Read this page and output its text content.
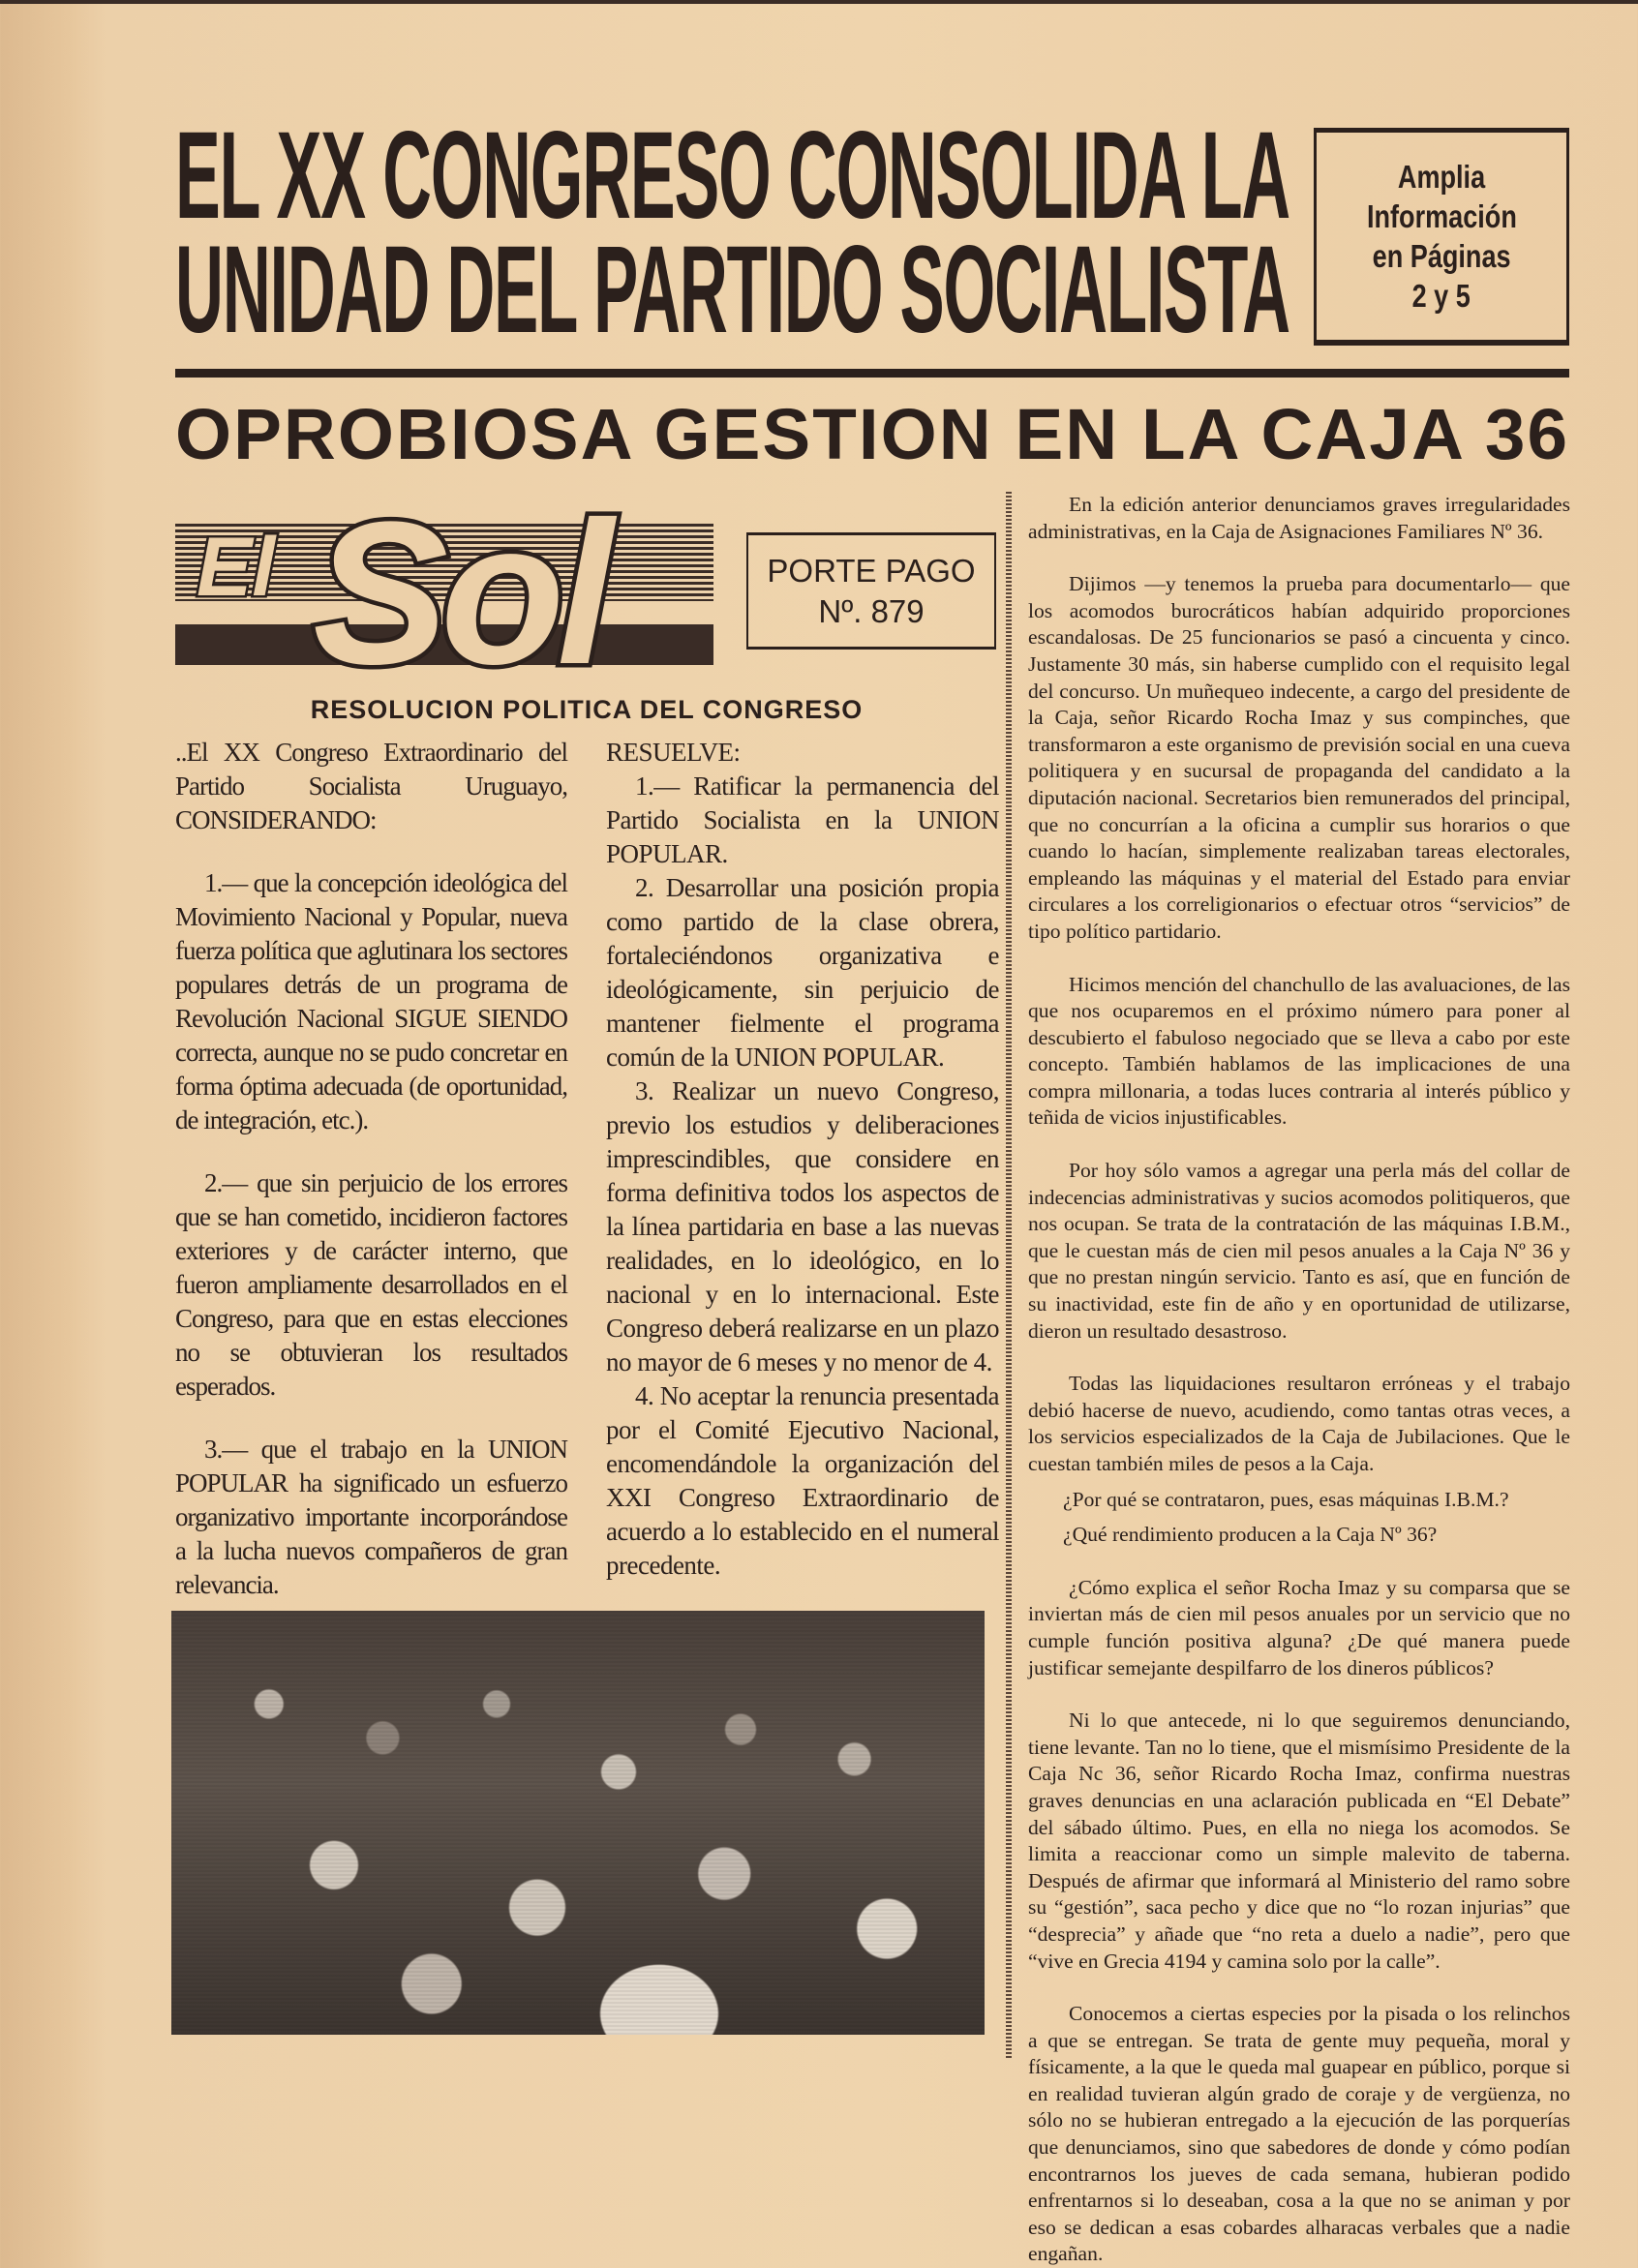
EL XX CONGRESO CONSOLIDA LA
UNIDAD DEL PARTIDO SOCIALISTA
Amplia
Información
en Páginas
2 y 5
OPROBIOSA GESTION EN LA CAJA 36
El Sol	PORTE PAGO
Nº. 879
RESOLUCION POLITICA DEL CONGRESO

..El XX Congreso Extraordinario del Partido Socialista Uruguayo, CONSIDERANDO:

1.— que la concepción ideológica del Movimiento Nacional y Popular, nueva fuerza política que aglutinara los sectores populares detrás de un programa de Revolución Nacional SIGUE SIENDO correcta, aunque no se pudo concretar en forma óptima adecuada (de oportunidad, de integración, etc.).

2.— que sin perjuicio de los errores que se han cometido, incidieron factores exteriores y de carácter interno, que fueron ampliamente desarrollados en el Congreso, para que en estas elecciones no se obtuvieran los resultados esperados.

3.— que el trabajo en la UNION POPULAR ha significado un esfuerzo organizativo importante incorporándose a la lucha nuevos compañeros de gran relevancia.

RESUELVE:

1.— Ratificar la permanencia del Partido Socialista en la UNION POPULAR.

2. Desarrollar una posición propia como partido de la clase obrera, fortaleciéndonos organizativa e ideológicamente, sin perjuicio de mantener fielmente el programa común de la UNION POPULAR.

3. Realizar un nuevo Congreso, previo los estudios y deliberaciones imprescindibles, que considere en forma definitiva todos los aspectos de la línea partidaria en base a las nuevas realidades, en lo ideológico, en lo nacional y en lo internacional. Este Congreso deberá realizarse en un plazo no mayor de 6 meses y no menor de 4.

4. No aceptar la renuncia presentada por el Comité Ejecutivo Nacional, encomendándole la organización del XXI Congreso Extraordinario de acuerdo a lo establecido en el numeral precedente.

En la edición anterior denunciamos graves irregularidades administrativas, en la Caja de Asignaciones Familiares Nº 36.

Dijimos —y tenemos la prueba para documentarlo— que los acomodos burocráticos habían adquirido proporciones escandalosas. De 25 funcionarios se pasó a cincuenta y cinco. Justamente 30 más, sin haberse cumplido con el requisito legal del concurso. Un muñequeo indecente, a cargo del presidente de la Caja, señor Ricardo Rocha Imaz y sus compinches, que transformaron a este organismo de previsión social en una cueva politiquera y en sucursal de propaganda del candidato a la diputación nacional. Secretarios bien remunerados del principal, que no concurrían a la oficina a cumplir sus horarios o que cuando lo hacían, simplemente realizaban tareas electorales, empleando las máquinas y el material del Estado para enviar circulares a los correligionarios o efectuar otros “servicios” de tipo político partidario.

Hicimos mención del chanchullo de las avaluaciones, de las que nos ocuparemos en el próximo número para poner al descubierto el fabuloso negociado que se lleva a cabo por este concepto. También hablamos de las implicaciones de una compra millonaria, a todas luces contraria al interés público y teñida de vicios injustificables.

Por hoy sólo vamos a agregar una perla más del collar de indecencias administrativas y sucios acomodos politiqueros, que nos ocupan. Se trata de la contratación de las máquinas I.B.M., que le cuestan más de cien mil pesos anuales a la Caja Nº 36 y que no prestan ningún servicio. Tanto es así, que en función de su inactividad, este fin de año y en oportunidad de utilizarse, dieron un resultado desastroso.

Todas las liquidaciones resultaron erróneas y el trabajo debió hacerse de nuevo, acudiendo, como tantas otras veces, a los servicios especializados de la Caja de Jubilaciones. Que le cuestan también miles de pesos a la Caja.

¿Por qué se contrataron, pues, esas máquinas I.B.M.?

¿Qué rendimiento producen a la Caja Nº 36?

¿Cómo explica el señor Rocha Imaz y su comparsa que se inviertan más de cien mil pesos anuales por un servicio que no cumple función positiva alguna? ¿De qué manera puede justificar semejante despilfarro de los dineros públicos?

Ni lo que antecede, ni lo que seguiremos denunciando, tiene levante. Tan no lo tiene, que el mismísimo Presidente de la Caja Nc 36, señor Ricardo Rocha Imaz, confirma nuestras graves denuncias en una aclaración publicada en “El Debate” del sábado último. Pues, en ella no niega los acomodos. Se limita a reaccionar como un simple malevito de taberna. Después de afirmar que informará al Ministerio del ramo sobre su “gestión”, saca pecho y dice que no “lo rozan injurias” que “desprecia” y añade que “no reta a duelo a nadie”, pero que “vive en Grecia 4194 y camina solo por la calle”.

Conocemos a ciertas especies por la pisada o los relinchos a que se entregan. Se trata de gente muy pequeña, moral y físicamente, a la que le queda mal guapear en público, porque si en realidad tuvieran algún grado de coraje y de vergüenza, no sólo no se hubieran entregado a la ejecución de las porquerías que denunciamos, sino que sabedores de donde y cómo podían encontrarnos los jueves de cada semana, hubieran podido enfrentarnos si lo deseaban, cosa a la que no se animan y por eso se dedican a esas cobardes alharacas verbales que a nadie engañan.
